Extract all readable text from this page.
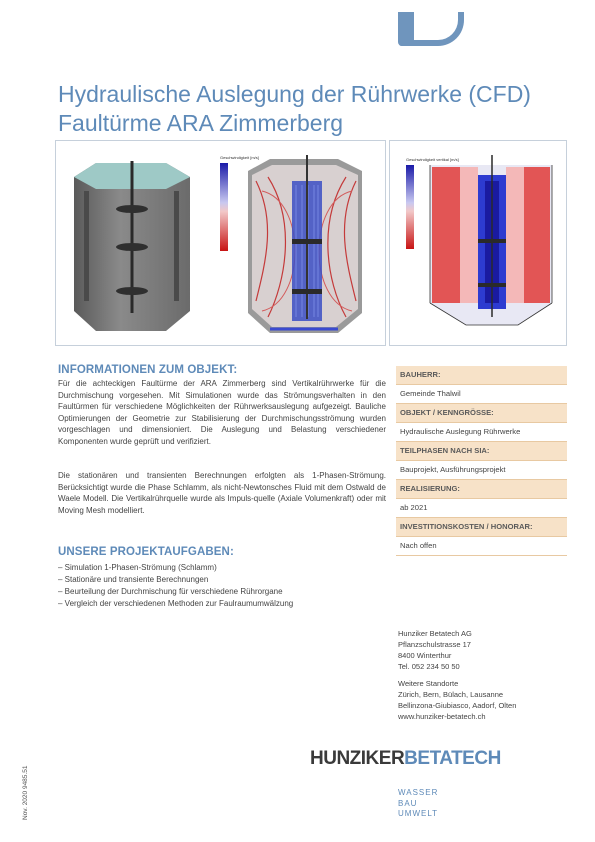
Hydraulische Auslegung der Rührwerke (CFD)
Faultürme ARA Zimmerberg
Geschwindigkeit [m/s]	Geschwindigkeit vertikal [m/s]
INFORMATIONEN ZUM OBJEKT:

Für die achteckigen Faultürme der ARA Zimmerberg sind Vertikalrührwerke für die Durchmischung vorgesehen. Mit Simulationen wurde das Strömungsverhalten in den Faultürmen für verschiedene Möglichkeiten der Rührwerksauslegung aufgezeigt. Bauliche Optimierungen der Geometrie zur Stabilisierung der Durchmischungsströmung wurden vorgeschlagen und dimensioniert. Die Auslegung und Belastung verschiedener Komponenten wurde geprüft und verifiziert.

Die stationären und transienten Berechnungen erfolgten als 1-Phasen-Strömung. Berücksichtigt wurde die Phase Schlamm, als nicht-Newtonsches Fluid mit dem Ostwald de Waele Modell. Die Vertikalrührquelle wurde als Impuls-quelle (Axiale Volumenkraft) oder mit Moving Mesh modelliert.

UNSERE PROJEKTAUFGABEN:
– Simulation 1-Phasen-Strömung (Schlamm)
– Stationäre und transiente Berechnungen
– Beurteilung der Durchmischung für verschiedene Rührorgane
– Vergleich der verschiedenen Methoden zur Faulraumumwälzung
BAUHERR:
Gemeinde Thalwil
OBJEKT / KENNGRÖSSE:
Hydraulische Auslegung Rührwerke
TEILPHASEN NACH SIA:
Bauprojekt, Ausführungsprojekt
REALISIERUNG:
ab 2021
INVESTITIONSKOSTEN / HONORAR:
Nach offen

Hunziker Betatech AG

Pflanzschulstrasse 17

8400 Winterthur

Tel. 052 234 50 50

Weitere Standorte

Zürich, Bern, Bülach, Lausanne

Bellinzona-Giubiasco, Aadorf, Olten

www.hunziker-betatech.ch

HUNZIKERBETATECH
WASSER
BAU
UMWELT
Nov. 2020 9485.51
